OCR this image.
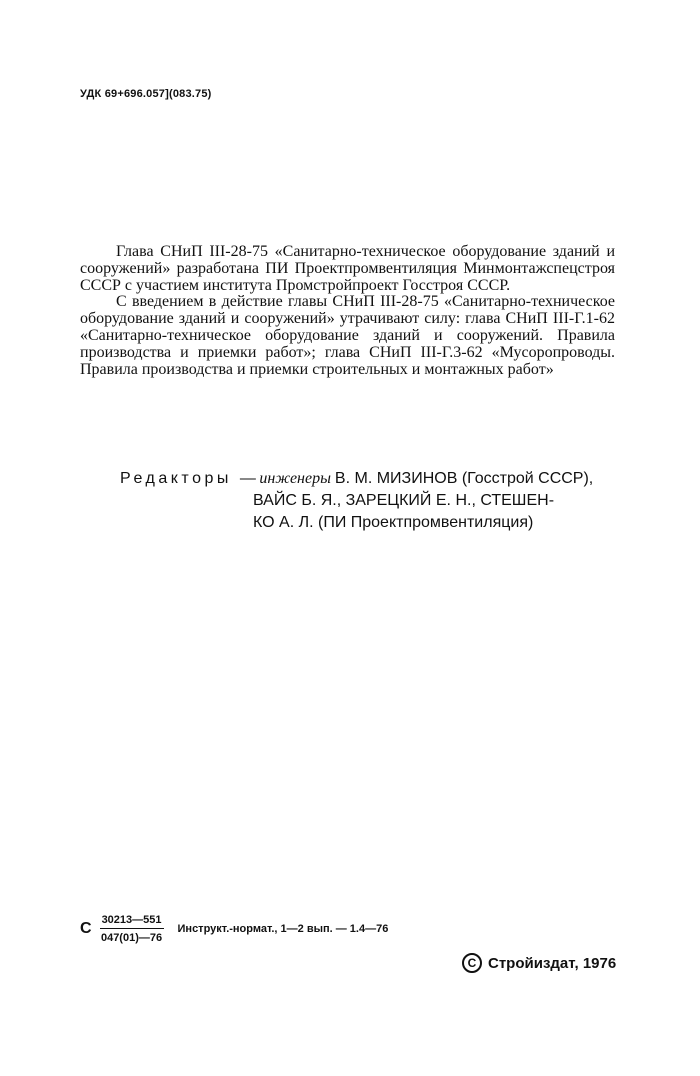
УДК 69+696.057](083.75)

Глава СНиП III-28-75 «Санитарно-техническое оборудование зданий и сооружений» разработана ПИ Проектпромвентиляция Минмонтажспецстроя СССР с участием института Промстройпроект Госстроя СССР.

С введением в действие главы СНиП III-28-75 «Санитарно-техническое оборудование зданий и сооружений» утрачивают силу: глава СНиП III-Г.1-62 «Санитарно-техническое оборудование зданий и сооружений. Правила производства и приемки работ»; глава СНиП III-Г.3-62 «Мусоропроводы. Правила производства и приемки строительных и монтажных работ»

Редакторы — инженеры В. М. МИЗИНОВ (Госстрой СССР),
ВАЙС Б. Я., ЗАРЕЦКИЙ Е. Н., СТЕШЕН-
КО А. Л. (ПИ Проектпромвентиляция)
С $\frac{30213—551}{047(01)—76}$ Инструкт.-нормат., 1—2 вып. — 1.4—76
C Стройиздат, 1976
